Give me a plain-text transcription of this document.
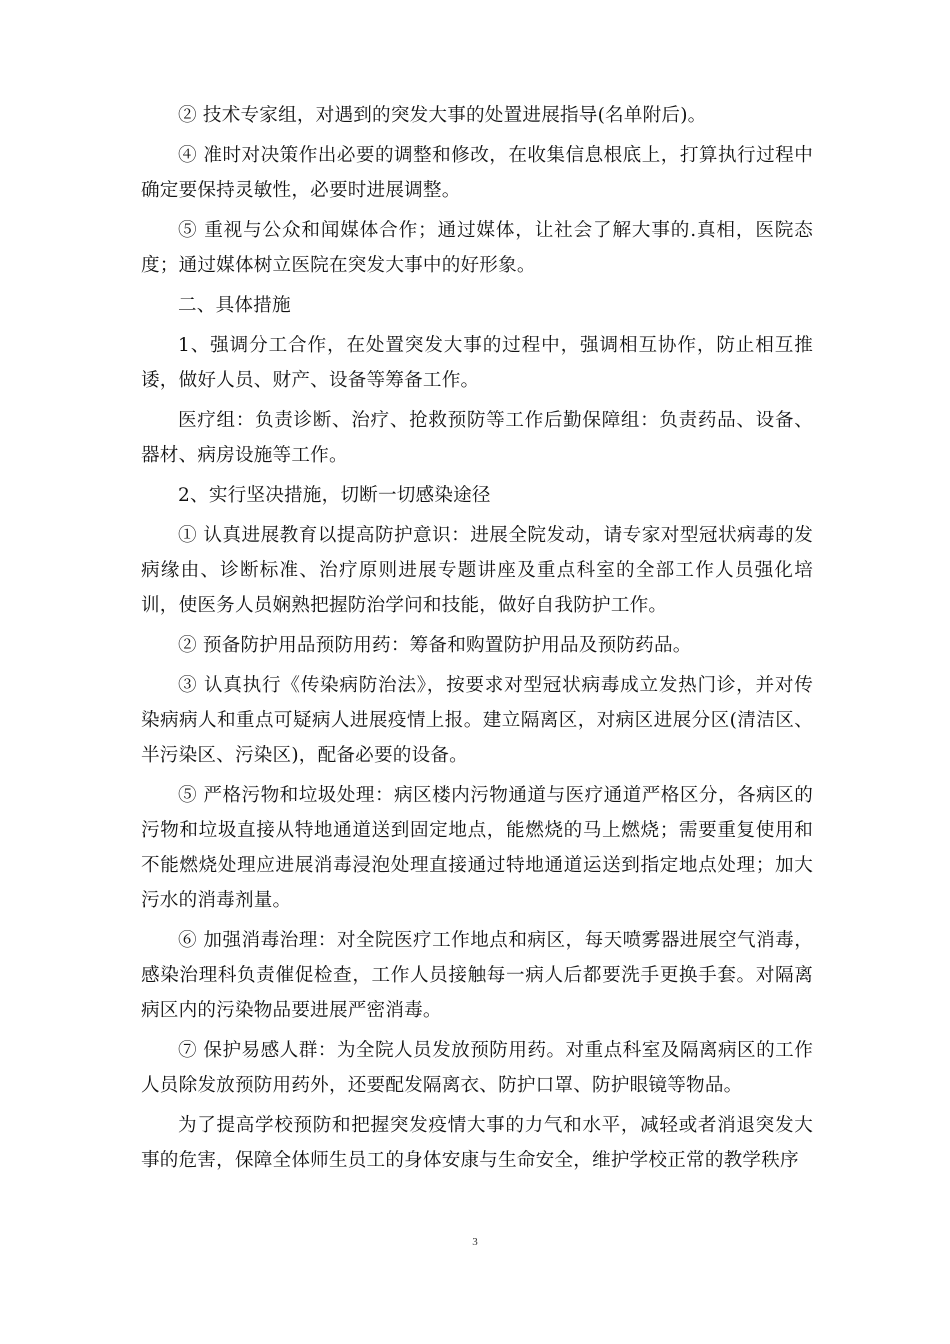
② 技术专家组，对遇到的突发大事的处置进展指导(名单附后)。

④ 准时对决策作出必要的调整和修改，在收集信息根底上，打算执行过程中确定要保持灵敏性，必要时进展调整。

⑤ 重视与公众和闻媒体合作；通过媒体，让社会了解大事的.真相，医院态度；通过媒体树立医院在突发大事中的好形象。

二、具体措施

1、强调分工合作，在处置突发大事的过程中，强调相互协作，防止相互推诿，做好人员、财产、设备等筹备工作。

医疗组：负责诊断、治疗、抢救预防等工作后勤保障组：负责药品、设备、器材、病房设施等工作。

2、实行坚决措施，切断一切感染途径

① 认真进展教育以提高防护意识：进展全院发动，请专家对型冠状病毒的发病缘由、诊断标准、治疗原则进展专题讲座及重点科室的全部工作人员强化培训，使医务人员娴熟把握防治学问和技能，做好自我防护工作。

② 预备防护用品预防用药：筹备和购置防护用品及预防药品。

③ 认真执行《传染病防治法》，按要求对型冠状病毒成立发热门诊，并对传染病病人和重点可疑病人进展疫情上报。建立隔离区，对病区进展分区(清洁区、半污染区、污染区)，配备必要的设备。

⑤ 严格污物和垃圾处理：病区楼内污物通道与医疗通道严格区分，各病区的污物和垃圾直接从特地通道送到固定地点，能燃烧的马上燃烧；需要重复使用和不能燃烧处理应进展消毒浸泡处理直接通过特地通道运送到指定地点处理；加大污水的消毒剂量。

⑥ 加强消毒治理：对全院医疗工作地点和病区，每天喷雾器进展空气消毒， 感染治理科负责催促检查，工作人员接触每一病人后都要洗手更换手套。对隔离病区内的污染物品要进展严密消毒。

⑦ 保护易感人群：为全院人员发放预防用药。对重点科室及隔离病区的工作人员除发放预防用药外，还要配发隔离衣、防护口罩、防护眼镜等物品。

为了提高学校预防和把握突发疫情大事的力气和水平，减轻或者消退突发大事的危害，保障全体师生员工的身体安康与生命安全，维护学校正常的教学秩序

3
